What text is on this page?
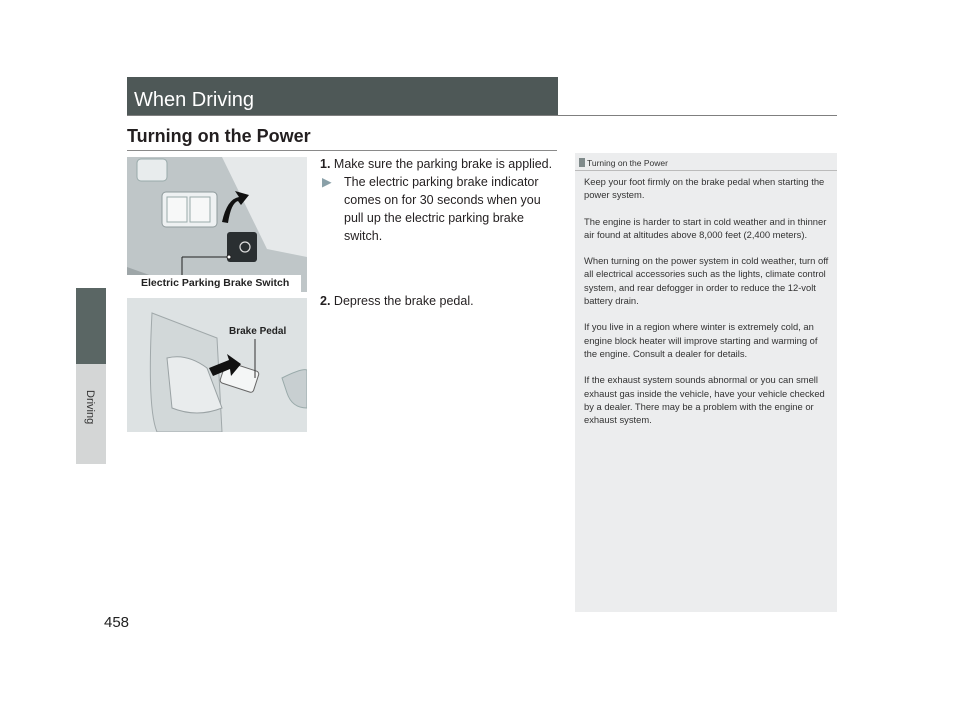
Driving
458
When Driving
Turning on the Power
Electric Parking Brake Switch
Brake Pedal
1. Make sure the parking brake is applied.
▶ The electric parking brake indicator comes on for 30 seconds when you pull up the electric parking brake switch.
2. Depress the brake pedal.
Turning on the Power

Keep your foot firmly on the brake pedal when starting the power system.

The engine is harder to start in cold weather and in thinner air found at altitudes above 8,000 feet (2,400 meters).

When turning on the power system in cold weather, turn off all electrical accessories such as the lights, climate control system, and rear defogger in order to reduce the 12-volt battery drain.

If you live in a region where winter is extremely cold, an engine block heater will improve starting and warming of the engine. Consult a dealer for details.

If the exhaust system sounds abnormal or you can smell exhaust gas inside the vehicle, have your vehicle checked by a dealer. There may be a problem with the engine or exhaust system.
